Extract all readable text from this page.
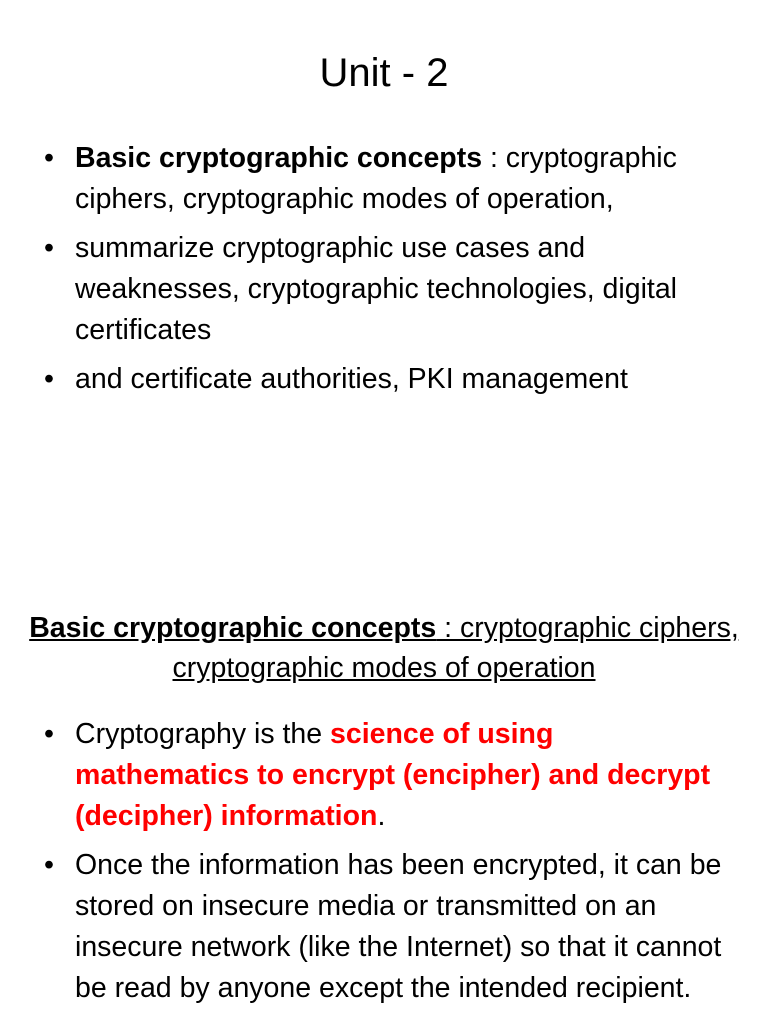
Unit - 2
• Basic cryptographic concepts : cryptographic ciphers, cryptographic modes of operation,
• summarize cryptographic use cases and weaknesses, cryptographic technologies, digital certificates
• and certificate authorities, PKI management
Basic cryptographic concepts : cryptographic ciphers, cryptographic modes of operation
• Cryptography is the science of using mathematics to encrypt (encipher) and decrypt (decipher) information.
• Once the information has been encrypted, it can be stored on insecure media or transmitted on an insecure network (like the Internet) so that it cannot be read by anyone except the intended recipient.
